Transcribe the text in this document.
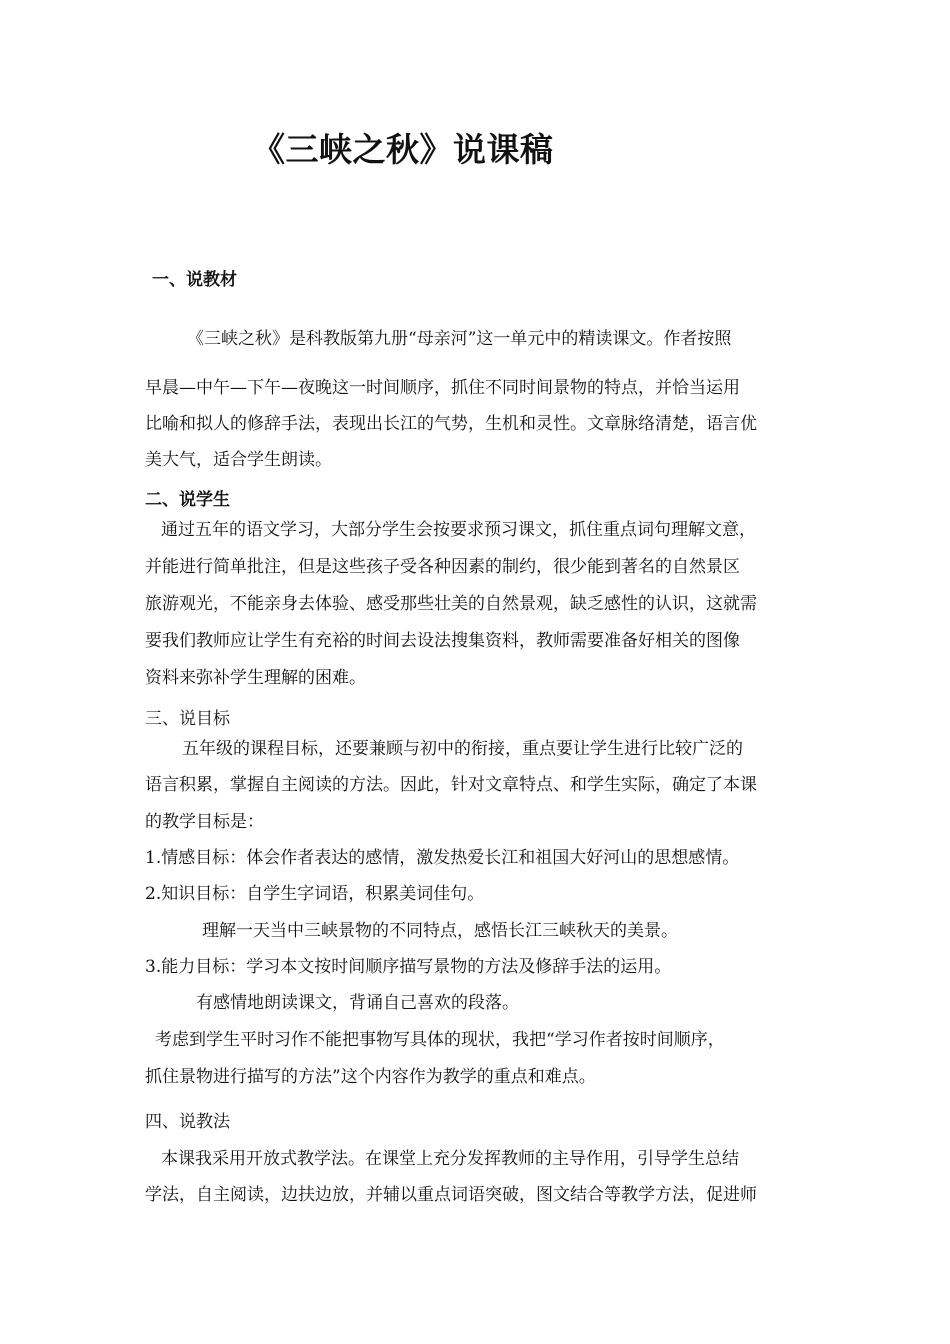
《三峡之秋》说课稿
一、说教材
《三峡之秋》是科教版第九册“母亲河”这一单元中的精读课文。作者按照
早晨—中午—下午—夜晚这一时间顺序，抓住不同时间景物的特点，并恰当运用
比喻和拟人的修辞手法，表现出长江的气势，生机和灵性。文章脉络清楚，语言优
美大气，适合学生朗读。
二、说学生
通过五年的语文学习，大部分学生会按要求预习课文，抓住重点词句理解文意，
并能进行简单批注，但是这些孩子受各种因素的制约，很少能到著名的自然景区
旅游观光，不能亲身去体验、感受那些壮美的自然景观，缺乏感性的认识，这就需
要我们教师应让学生有充裕的时间去设法搜集资料，教师需要准备好相关的图像
资料来弥补学生理解的困难。
三、说目标
五年级的课程目标，还要兼顾与初中的衔接，重点要让学生进行比较广泛的
语言积累，掌握自主阅读的方法。因此，针对文章特点、和学生实际，确定了本课
的教学目标是：
1.情感目标：体会作者表达的感情，激发热爱长江和祖国大好河山的思想感情。
2.知识目标：自学生字词语，积累美词佳句。
理解一天当中三峡景物的不同特点，感悟长江三峡秋天的美景。
3.能力目标：学习本文按时间顺序描写景物的方法及修辞手法的运用。
有感情地朗读课文，背诵自己喜欢的段落。
考虑到学生平时习作不能把事物写具体的现状，我把“学习作者按时间顺序，
抓住景物进行描写的方法”这个内容作为教学的重点和难点。
四、说教法
本课我采用开放式教学法。在课堂上充分发挥教师的主导作用，引导学生总结
学法，自主阅读，边扶边放，并辅以重点词语突破，图文结合等教学方法，促进师
